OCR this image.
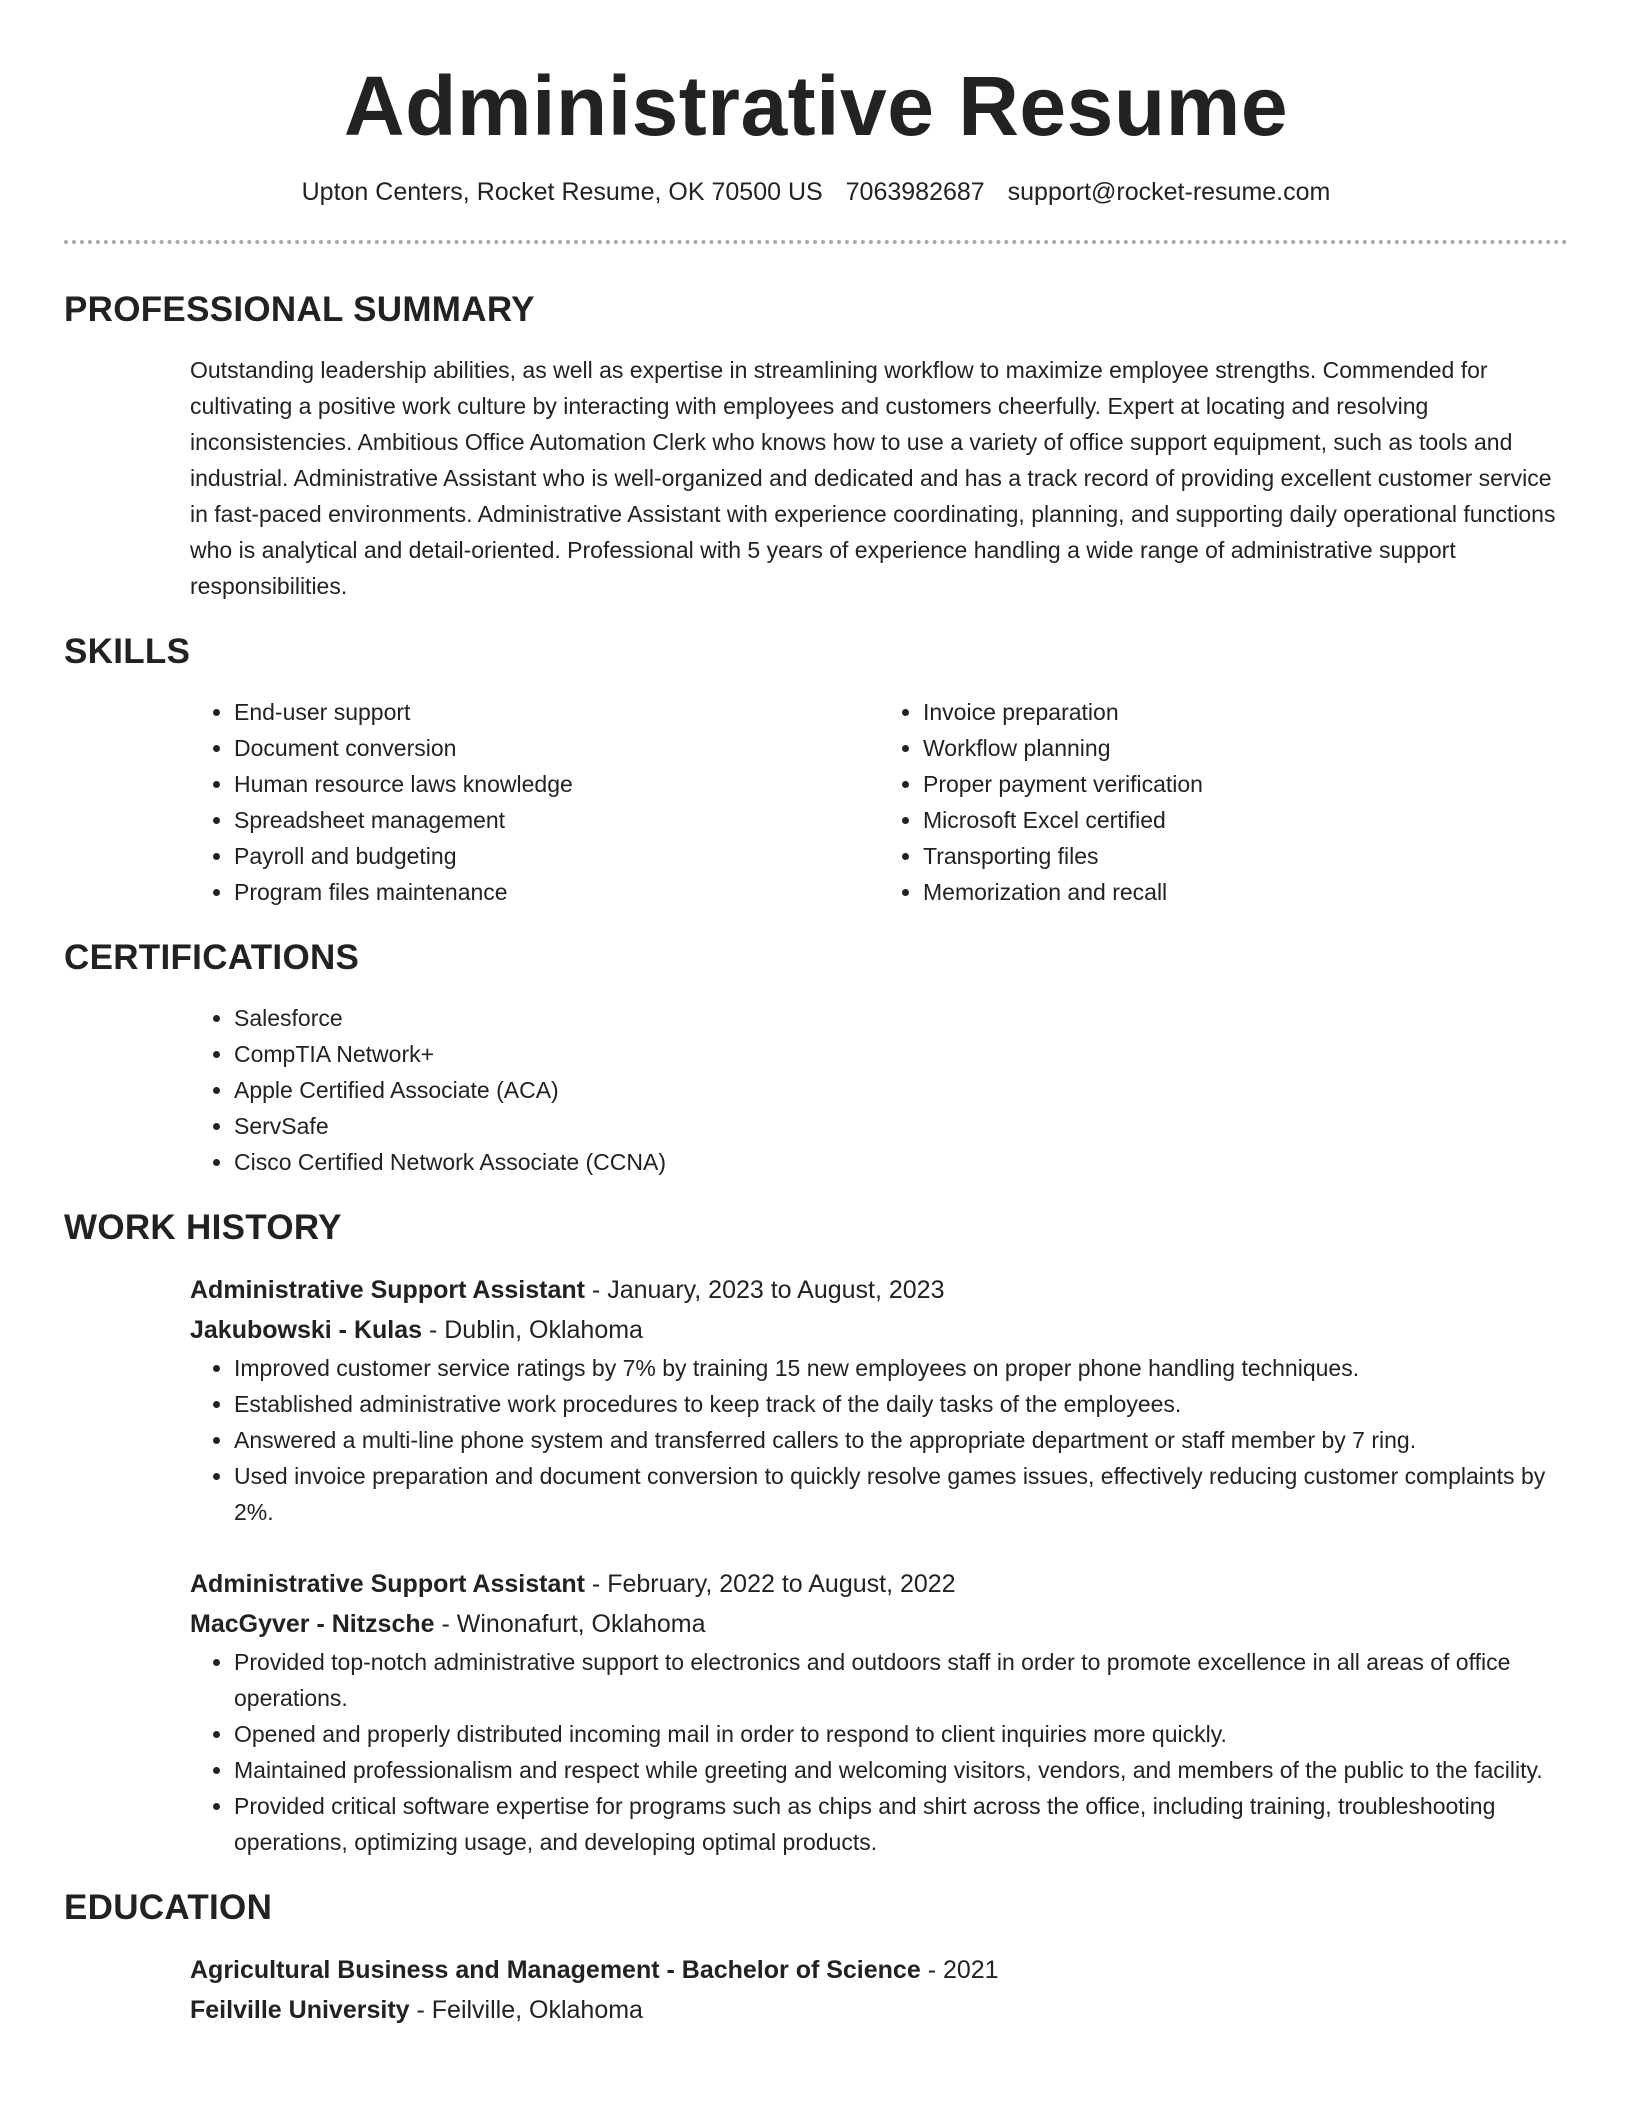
Administrative Resume
Upton Centers, Rocket Resume, OK 70500 US 7063982687 support@rocket-resume.com
PROFESSIONAL SUMMARY
Outstanding leadership abilities, as well as expertise in streamlining workflow to maximize employee strengths. Commended for cultivating a positive work culture by interacting with employees and customers cheerfully. Expert at locating and resolving inconsistencies. Ambitious Office Automation Clerk who knows how to use a variety of office support equipment, such as tools and industrial. Administrative Assistant who is well-organized and dedicated and has a track record of providing excellent customer service in fast-paced environments. Administrative Assistant with experience coordinating, planning, and supporting daily operational functions who is analytical and detail-oriented. Professional with 5 years of experience handling a wide range of administrative support responsibilities.
SKILLS
• End-user support
• Document conversion
• Human resource laws knowledge
• Spreadsheet management
• Payroll and budgeting
• Program files maintenance
• Invoice preparation
• Workflow planning
• Proper payment verification
• Microsoft Excel certified
• Transporting files
• Memorization and recall
CERTIFICATIONS
• Salesforce
• CompTIA Network+
• Apple Certified Associate (ACA)
• ServSafe
• Cisco Certified Network Associate (CCNA)
WORK HISTORY
Administrative Support Assistant - January, 2023 to August, 2023
Jakubowski - Kulas - Dublin, Oklahoma
• Improved customer service ratings by 7% by training 15 new employees on proper phone handling techniques.
• Established administrative work procedures to keep track of the daily tasks of the employees.
• Answered a multi-line phone system and transferred callers to the appropriate department or staff member by 7 ring.
• Used invoice preparation and document conversion to quickly resolve games issues, effectively reducing customer complaints by 2%.
Administrative Support Assistant - February, 2022 to August, 2022
MacGyver - Nitzsche - Winonafurt, Oklahoma
• Provided top-notch administrative support to electronics and outdoors staff in order to promote excellence in all areas of office operations.
• Opened and properly distributed incoming mail in order to respond to client inquiries more quickly.
• Maintained professionalism and respect while greeting and welcoming visitors, vendors, and members of the public to the facility.
• Provided critical software expertise for programs such as chips and shirt across the office, including training, troubleshooting operations, optimizing usage, and developing optimal products.
EDUCATION
Agricultural Business and Management - Bachelor of Science - 2021
Feilville University - Feilville, Oklahoma
